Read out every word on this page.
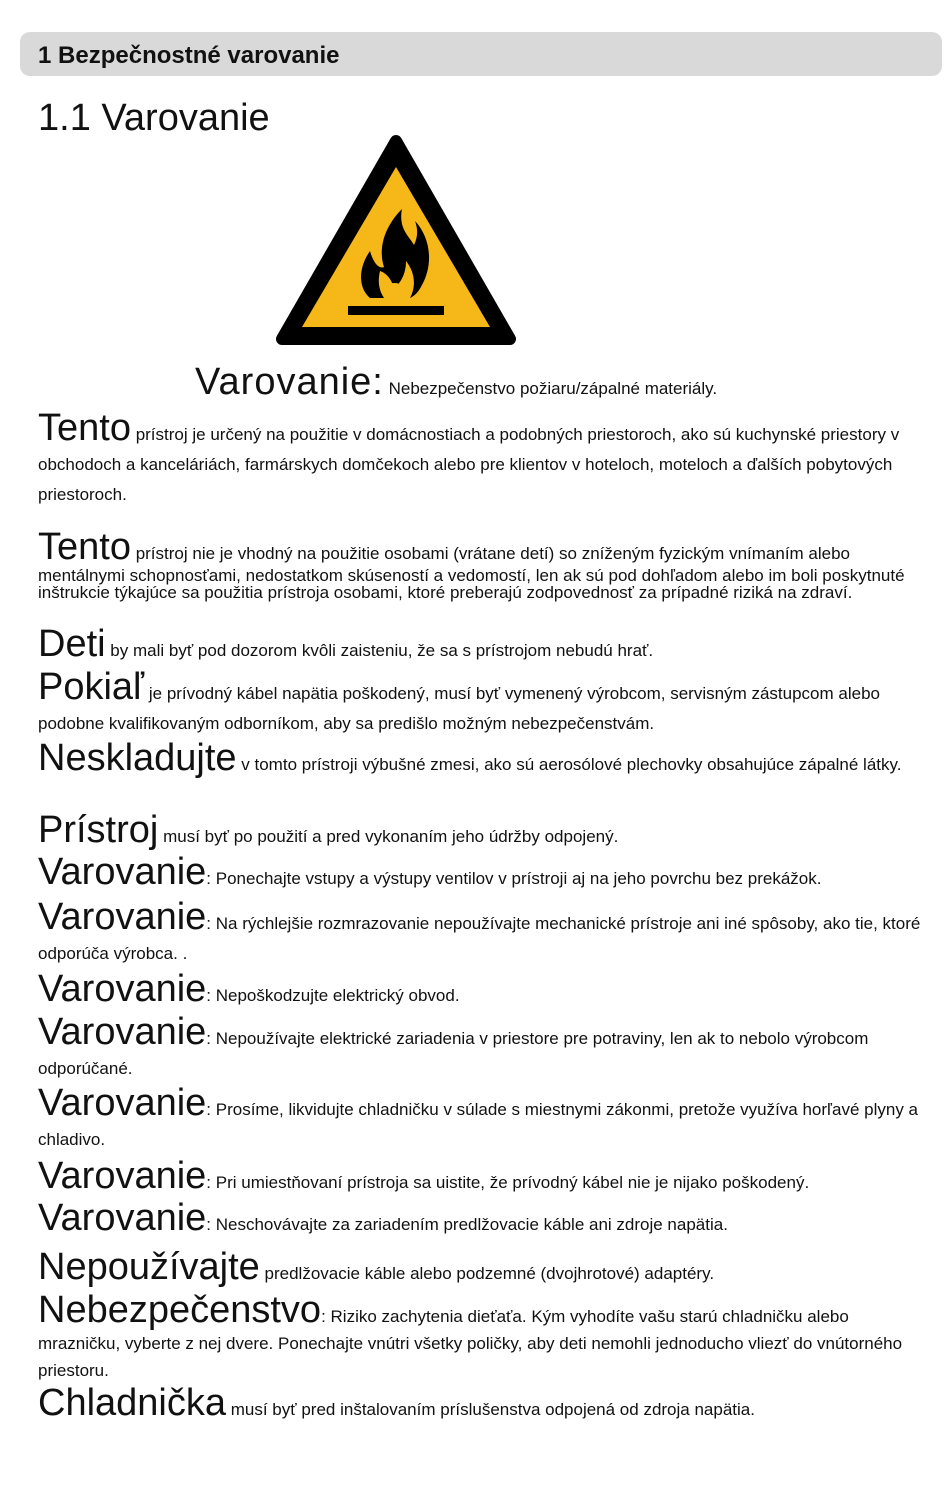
1 Bezpečnostné varovanie
1.1 Varovanie
Varovanie: Nebezpečenstvo požiaru/zápalné materiály.
Tento prístroj je určený na použitie v domácnostiach a podobných priestoroch, ako sú kuchynské priestory v obchodoch a kanceláriách, farmárskych domčekoch alebo pre klientov v hoteloch, moteloch a ďalších pobytových priestoroch.
Tento prístroj nie je vhodný na použitie osobami (vrátane detí) so zníženým fyzickým vnímaním alebo mentálnymi schopnosťami, nedostatkom skúseností a vedomostí, len ak sú pod dohľadom alebo im boli poskytnuté inštrukcie týkajúce sa použitia prístroja osobami, ktoré preberajú zodpovednosť za prípadné riziká na zdraví.
Deti by mali byť pod dozorom kvôli zaisteniu, že sa s prístrojom nebudú hrať.
Pokiaľ je prívodný kábel napätia poškodený, musí byť vymenený výrobcom, servisným zástupcom alebo podobne kvalifikovaným odborníkom, aby sa predišlo možným nebezpečenstvám.
Neskladujte v tomto prístroji výbušné zmesi, ako sú aerosólové plechovky obsahujúce zápalné látky.
Prístroj musí byť po použití a pred vykonaním jeho údržby odpojený.
Varovanie: Ponechajte vstupy a výstupy ventilov v prístroji aj na jeho povrchu bez prekážok.
Varovanie: Na rýchlejšie rozmrazovanie nepoužívajte mechanické prístroje ani iné spôsoby, ako tie, ktoré odporúča výrobca. .
Varovanie: Nepoškodzujte elektrický obvod.
Varovanie: Nepoužívajte elektrické zariadenia v priestore pre potraviny, len ak to nebolo výrobcom odporúčané.
Varovanie: Prosíme, likvidujte chladničku v súlade s miestnymi zákonmi, pretože využíva horľavé plyny a chladivo.
Varovanie: Pri umiestňovaní prístroja sa uistite, že prívodný kábel nie je nijako poškodený.
Varovanie: Neschovávajte za zariadením predlžovacie káble ani zdroje napätia.
Nepoužívajte predlžovacie káble alebo podzemné (dvojhrotové) adaptéry.
Nebezpečenstvo: Riziko zachytenia dieťaťa. Kým vyhodíte vašu starú chladničku alebo mrazničku, vyberte z nej dvere. Ponechajte vnútri všetky poličky, aby deti nemohli jednoducho vliezť do vnútorného priestoru.
Chladnička musí byť pred inštalovaním príslušenstva odpojená od zdroja napätia.
